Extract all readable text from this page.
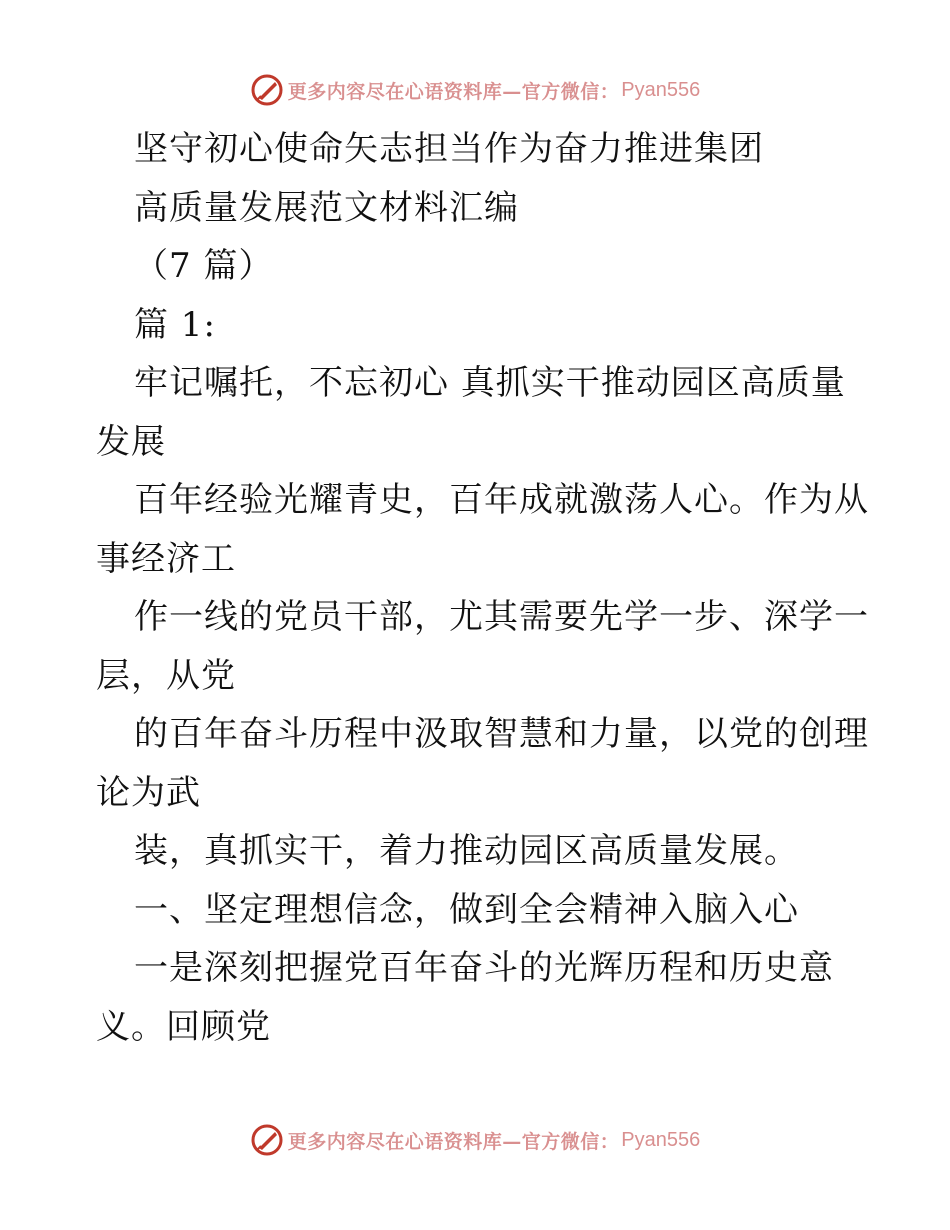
更多内容尽在心语资料库—官方微信： Pyan556
坚守初心使命矢志担当作为奋力推进集团
高质量发展范文材料汇编
（7 篇）
篇 1:
牢记嘱托，不忘初心 真抓实干推动园区高质量
发展
百年经验光耀青史，百年成就激荡人心。作为从
事经济工
作一线的党员干部，尤其需要先学一步、深学一
层，从党
的百年奋斗历程中汲取智慧和力量，以党的创理
论为武
装，真抓实干，着力推动园区高质量发展。
一、坚定理想信念，做到全会精神入脑入心
一是深刻把握党百年奋斗的光辉历程和历史意
义。回顾党
更多内容尽在心语资料库—官方微信： Pyan556
